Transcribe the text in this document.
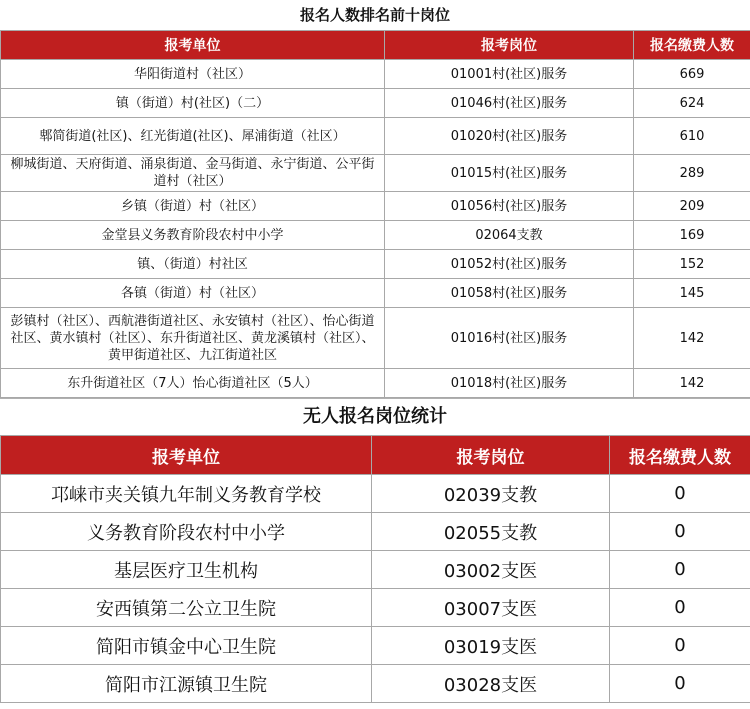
报名人数排名前十岗位
报考单位	报考岗位	报名缴费人数
华阳街道村（社区）	01001村(社区)服务	669
镇（街道）村(社区)（二）	01046村(社区)服务	624
郫简街道(社区)、红光街道(社区)、犀浦街道（社区）	01020村(社区)服务	610
柳城街道、天府街道、涌泉街道、金马街道、永宁街道、公平街道村（社区）	01015村(社区)服务	289
乡镇（街道）村（社区）	01056村(社区)服务	209
金堂县义务教育阶段农村中小学	02064支教	169
镇、（街道）村社区	01052村(社区)服务	152
各镇（街道）村（社区）	01058村(社区)服务	145
彭镇村（社区）、西航港街道社区、永安镇村（社区）、怡心街道社区、黄水镇村（社区）、东升街道社区、黄龙溪镇村（社区）、黄甲街道社区、九江街道社区	01016村(社区)服务	142
东升街道社区（7人）怡心街道社区（5人）	01018村(社区)服务	142
无人报名岗位统计
报考单位	报考岗位	报名缴费人数
邛崃市夹关镇九年制义务教育学校	02039支教	0
义务教育阶段农村中小学	02055支教	0
基层医疗卫生机构	03002支医	0
安西镇第二公立卫生院	03007支医	0
简阳市镇金中心卫生院	03019支医	0
简阳市江源镇卫生院	03028支医	0
